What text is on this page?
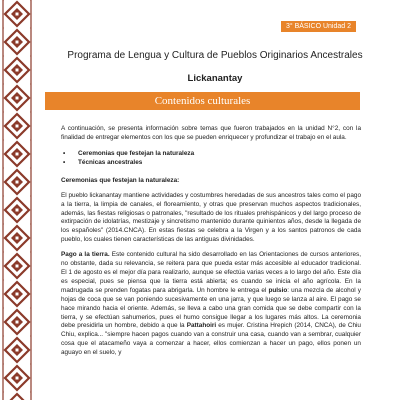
3° BÁSICO Unidad 2
Programa de Lengua y Cultura de Pueblos Originarios Ancestrales
Lickanantay
Contenidos culturales

A continuación, se presenta información sobre temas que fueron trabajados en la unidad N°2, con la finalidad de entregar elementos con los que se pueden enriquecer y profundizar el trabajo en el aula.

• Ceremonias que festejan la naturaleza
• Técnicas ancestrales

Ceremonias que festejan la naturaleza:

El pueblo lickanantay mantiene actividades y costumbres heredadas de sus ancestros tales como el pago a la tierra, la limpia de canales, el floreamiento, y otras que preservan muchos aspectos tradicionales, además, las fiestas religiosas o patronales, "resultado de los rituales prehispánicos y del largo proceso de extirpación de idolatrías, mestizaje y sincretismo mantenido durante quinientos años, desde la llegada de los españoles" (2014.CNCA). En estas fiestas se celebra a la Virgen y a los santos patronos de cada pueblo, los cuales tienen características de las antiguas divinidades.

Pago a la tierra. Este contenido cultural ha sido desarrollado en las Orientaciones de cursos anteriores, no obstante, dada su relevancia, se reitera para que pueda estar más accesible al educador tradicional. El 1 de agosto es el mejor día para realizarlo, aunque se efectúa varias veces a lo largo del año. Este día es especial, pues se piensa que la tierra está abierta; es cuando se inicia el año agrícola. En la madrugada se prenden fogatas para abrigarla. Un hombre le entrega el pulsio: una mezcla de alcohol y hojas de coca que se van poniendo sucesivamente en una jarra, y que luego se lanza al aire. El pago se hace mirando hacia el oriente. Además, se lleva a cabo una gran comida que se debe compartir con la tierra, y se efectúan sahumerios, pues el humo consigue llegar a los lugares más altos. La ceremonia debe presidirla un hombre, debido a que la Pattahoiri es mujer. Cristina Hrepich (2014, CNCA), de Chiu Chiu, explica... "siempre hacen pagos cuando van a construir una casa, cuando van a sembrar, cualquier cosa que el atacameño vaya a comenzar a hacer, ellos comienzan a hacer un pago, ellos ponen un aguayo en el suelo, y
